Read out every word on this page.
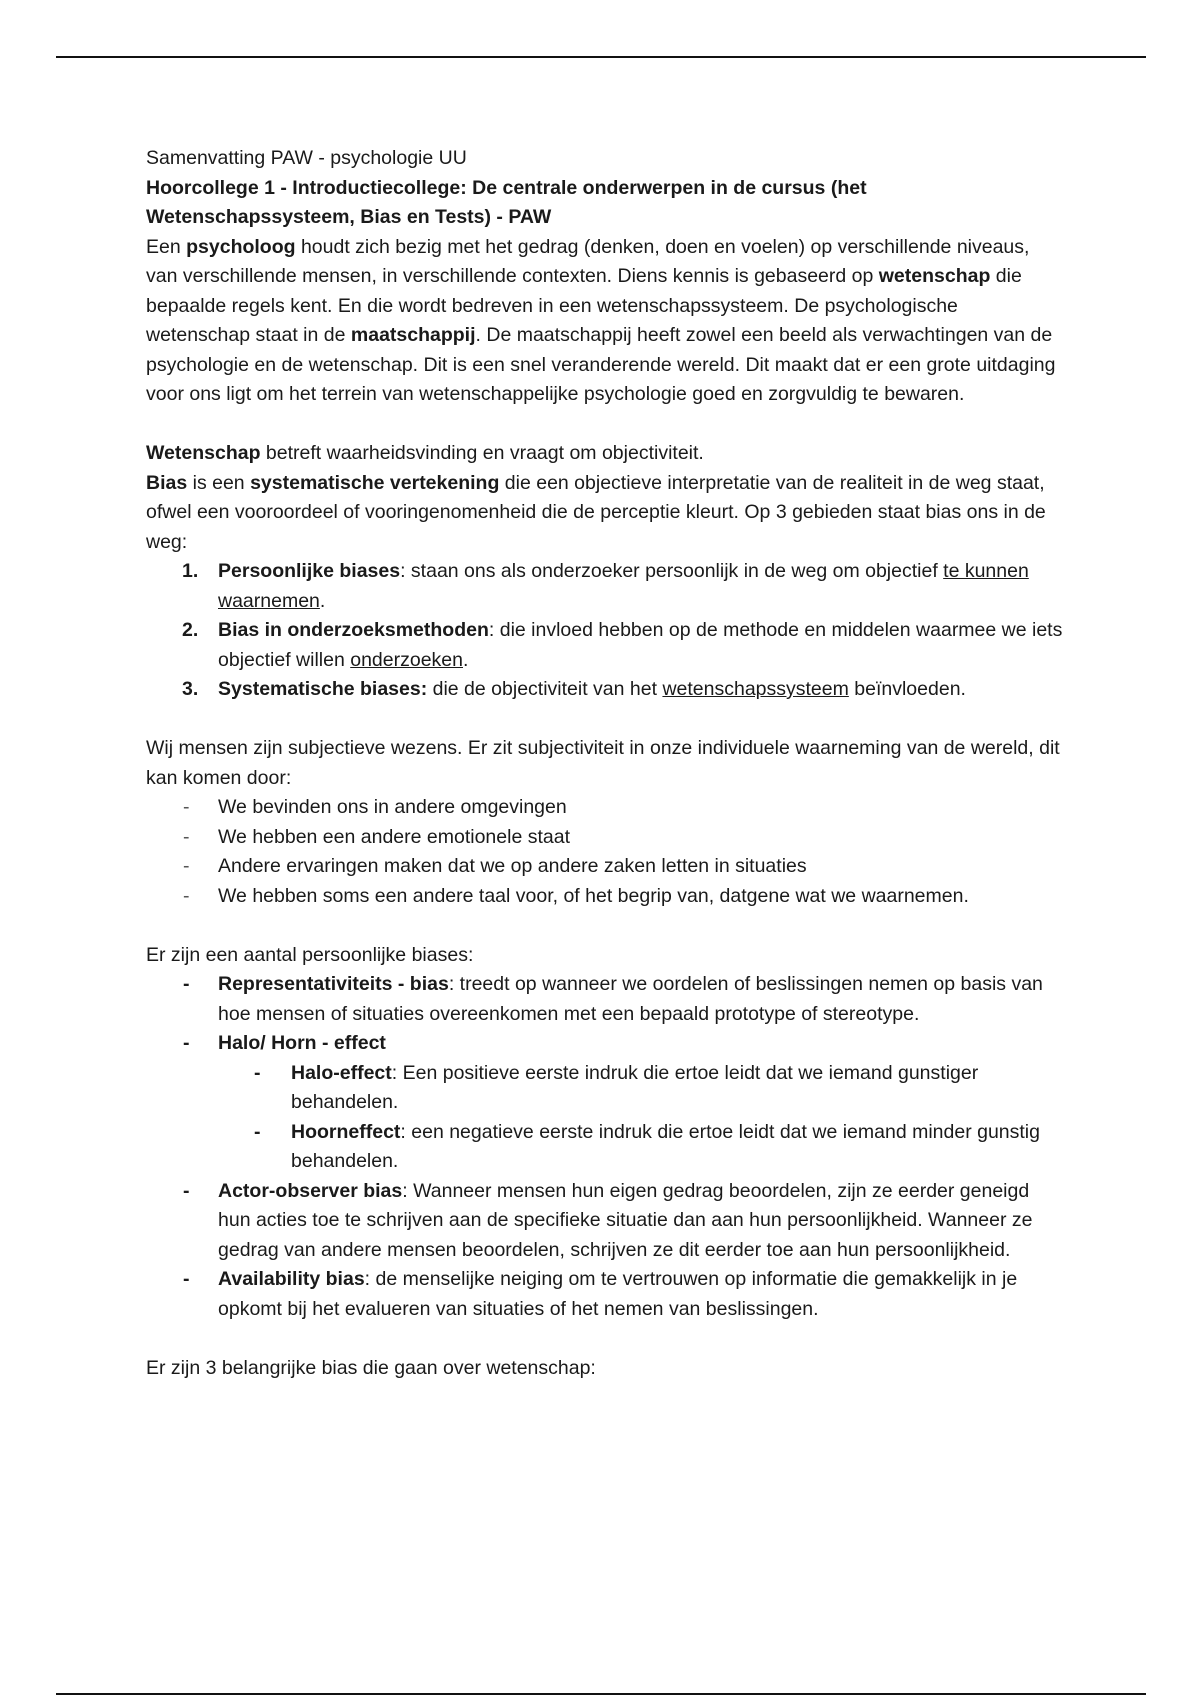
Samenvatting PAW - psychologie UU

Hoorcollege 1 - Introductiecollege: De centrale onderwerpen in de cursus (het Wetenschapssysteem, Bias en Tests) - PAW

Een psycholoog houdt zich bezig met het gedrag (denken, doen en voelen) op verschillende niveaus, van verschillende mensen, in verschillende contexten. Diens kennis is gebaseerd op wetenschap die bepaalde regels kent. En die wordt bedreven in een wetenschapssysteem. De psychologische wetenschap staat in de maatschappij. De maatschappij heeft zowel een beeld als verwachtingen van de psychologie en de wetenschap. Dit is een snel veranderende wereld. Dit maakt dat er een grote uitdaging voor ons ligt om het terrein van wetenschappelijke psychologie goed en zorgvuldig te bewaren.

Wetenschap betreft waarheidsvinding en vraagt om objectiviteit.

Bias is een systematische vertekening die een objectieve interpretatie van de realiteit in de weg staat, ofwel een vooroordeel of vooringenomenheid die de perceptie kleurt. Op 3 gebieden staat bias ons in de weg:

1. Persoonlijke biases: staan ons als onderzoeker persoonlijk in de weg om objectief te kunnen waarnemen.
2. Bias in onderzoeksmethoden: die invloed hebben op de methode en middelen waarmee we iets objectief willen onderzoeken.
3. Systematische biases: die de objectiviteit van het wetenschapssysteem beïnvloeden.

Wij mensen zijn subjectieve wezens. Er zit subjectiviteit in onze individuele waarneming van de wereld, dit kan komen door:

- We bevinden ons in andere omgevingen
- We hebben een andere emotionele staat
- Andere ervaringen maken dat we op andere zaken letten in situaties
- We hebben soms een andere taal voor, of het begrip van, datgene wat we waarnemen.

Er zijn een aantal persoonlijke biases:

- Representativiteits - bias: treedt op wanneer we oordelen of beslissingen nemen op basis van hoe mensen of situaties overeenkomen met een bepaald prototype of stereotype.
- Halo/ Horn - effect
- Halo-effect: Een positieve eerste indruk die ertoe leidt dat we iemand gunstiger behandelen.
- Hoorneffect: een negatieve eerste indruk die ertoe leidt dat we iemand minder gunstig behandelen.
- Actor-observer bias: Wanneer mensen hun eigen gedrag beoordelen, zijn ze eerder geneigd hun acties toe te schrijven aan de specifieke situatie dan aan hun persoonlijkheid. Wanneer ze gedrag van andere mensen beoordelen, schrijven ze dit eerder toe aan hun persoonlijkheid.
- Availability bias: de menselijke neiging om te vertrouwen op informatie die gemakkelijk in je opkomt bij het evalueren van situaties of het nemen van beslissingen.

Er zijn 3 belangrijke bias die gaan over wetenschap:
